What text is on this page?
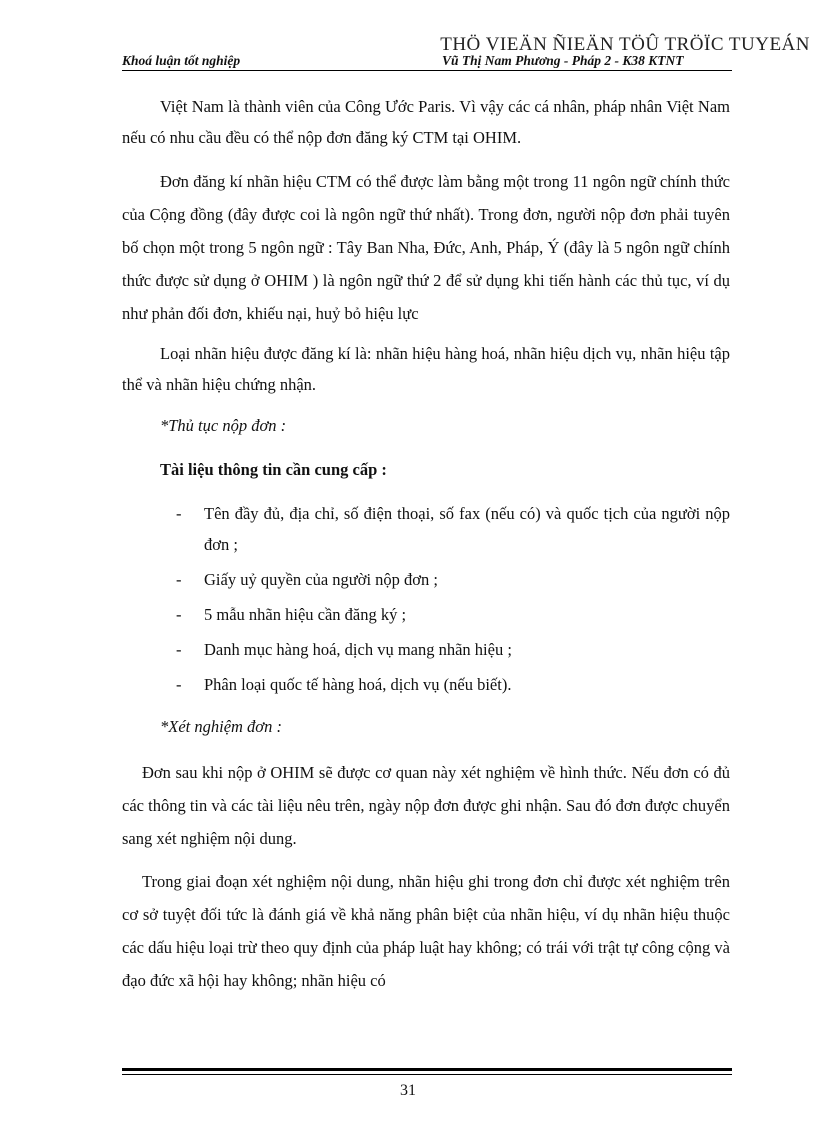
THÖ VIEÄN ÑIEÄN TÖÛ TRÖÏC TUYEÁN
Khoá luận tốt nghiệp	Vũ Thị Nam Phương - Pháp 2 - K38 KTNT

Việt Nam là thành viên của Công Ước Paris. Vì vậy các cá nhân, pháp nhân Việt Nam nếu có nhu cầu đều có thể nộp đơn đăng ký CTM tại OHIM.

Đơn đăng kí nhãn hiệu CTM có thể được làm bằng một trong 11 ngôn ngữ chính thức của Cộng đồng (đây được coi là ngôn ngữ thứ nhất). Trong đơn, người nộp đơn phải tuyên bố chọn một trong 5 ngôn ngữ : Tây Ban Nha, Đức, Anh, Pháp, Ý (đây là 5 ngôn ngữ chính thức được sử dụng ở OHIM ) là ngôn ngữ thứ 2 để sử dụng khi tiến hành các thủ tục, ví dụ như phản đối đơn, khiếu nại, huỷ bỏ hiệu lực

Loại nhãn hiệu được đăng kí là: nhãn hiệu hàng hoá, nhãn hiệu dịch vụ, nhãn hiệu tập thể và nhãn hiệu chứng nhận.

*Thủ tục nộp đơn :

Tài liệu thông tin cần cung cấp :

- Tên đầy đủ, địa chỉ, số điện thoại, số fax (nếu có) và quốc tịch của người nộp đơn ;
- Giấy uỷ quyền của người nộp đơn ;
- 5 mẫu nhãn hiệu cần đăng ký ;
- Danh mục hàng hoá, dịch vụ mang nhãn hiệu ;
- Phân loại quốc tế hàng hoá, dịch vụ (nếu biết).

*Xét nghiệm đơn :

Đơn sau khi nộp ở OHIM sẽ được cơ quan này xét nghiệm về hình thức. Nếu đơn có đủ các thông tin và các tài liệu nêu trên, ngày nộp đơn được ghi nhận. Sau đó đơn được chuyển sang xét nghiệm nội dung.

Trong giai đoạn xét nghiệm nội dung, nhãn hiệu ghi trong đơn chỉ được xét nghiệm trên cơ sở tuyệt đối tức là đánh giá về khả năng phân biệt của nhãn hiệu, ví dụ nhãn hiệu thuộc các dấu hiệu loại trừ theo quy định của pháp luật hay không; có trái với trật tự công cộng và đạo đức xã hội hay không; nhãn hiệu có

31
